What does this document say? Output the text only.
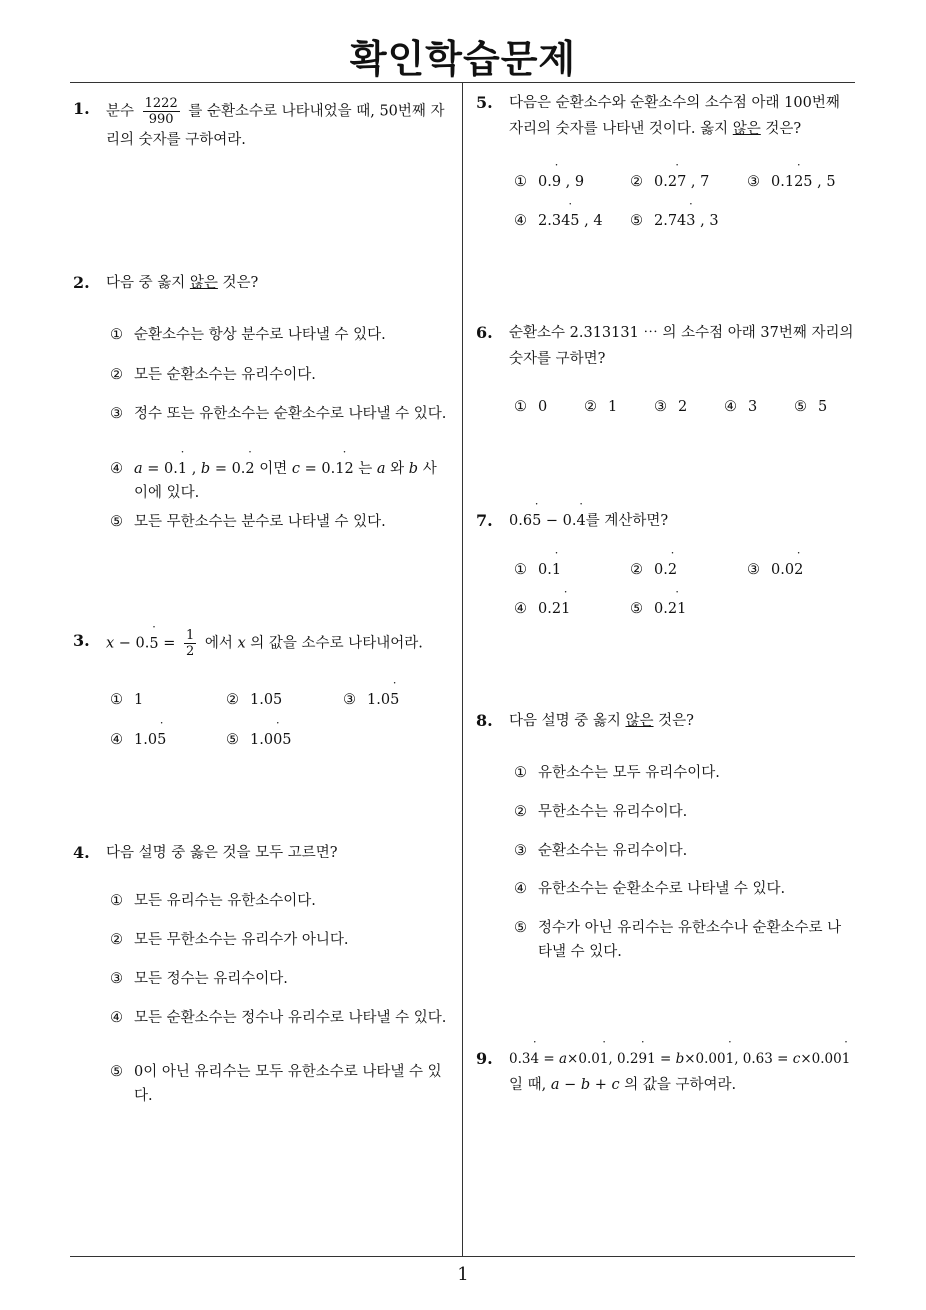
확인학습문제
1
1. 분수 $\frac{1222}{990}$ 를 순환소수로 나타내었을 때, 50번째 자리의 숫자를 구하여라.
2. 다음 중 옳지 않은 것은?
① 순환소수는 항상 분수로 나타낼 수 있다.
② 모든 순환소수는 유리수이다.
③ 정수 또는 유한소수는 순환소수로 나타낼 수 있다.
④ a = 0.1 ˙ , b = 0.2 ˙ 이면 c = 0.12 ˙ 는 a 와 b 사이에 있다.
⑤ 모든 무한소수는 분수로 나타낼 수 있다.
3. x − 0.5 ˙ = $\frac{1}{2}$ 에서 x 의 값을 소수로 나타내어라.
① 1	② 1.05	③ 1.05 ˙
④ 1.05 ˙	⑤ 1.005 ˙
4. 다음 설명 중 옳은 것을 모두 고르면?
① 모든 유리수는 유한소수이다.
② 모든 무한소수는 유리수가 아니다.
③ 모든 정수는 유리수이다.
④ 모든 순환소수는 정수나 유리수로 나타낼 수 있다.
⑤ 0이 아닌 유리수는 모두 유한소수로 나타낼 수 있다.
5. 다음은 순환소수와 순환소수의 소수점 아래 100번째 자리의 숫자를 나타낸 것이다. 옳지 않은 것은?
① 0.9 ˙ , 9	② 0.27 ˙ , 7	③ 0.125 ˙ , 5
④ 2.345 ˙ , 4	⑤ 2.743 ˙ , 3
6. 순환소수 2.313131 ⋯ 의 소수점 아래 37번째 자리의 숫자를 구하면?
① 0	② 1	③ 2	④ 3	⑤ 5
7. 0.65 ˙ − 0.4 ˙를 계산하면?
① 0.1 ˙	② 0.2 ˙	③ 0.02 ˙
④ 0.21 ˙	⑤ 0.21 ˙
8. 다음 설명 중 옳지 않은 것은?
① 유한소수는 모두 유리수이다.
② 무한소수는 유리수이다.
③ 순환소수는 유리수이다.
④ 유한소수는 순환소수로 나타낼 수 있다.
⑤ 정수가 아닌 유리수는 유한소수나 순환소수로 나타낼 수 있다.
9. 0.34 ˙ = a×0.01 ˙, 0.29 ˙1 = b×0.001 ˙, 0.63 = c×0.001 ˙
일 때, a − b + c 의 값을 구하여라.
